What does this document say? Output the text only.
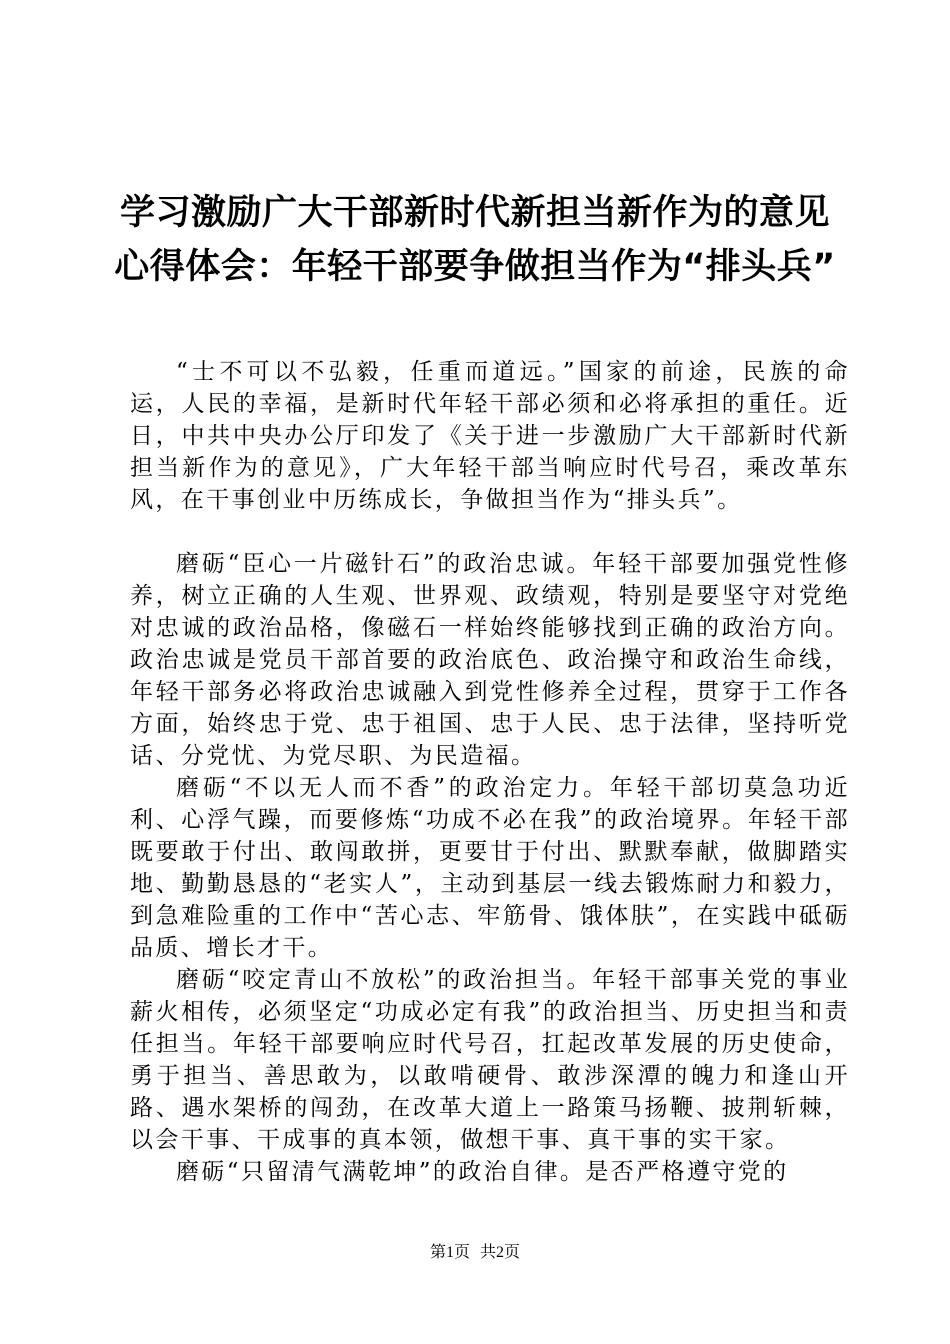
学习激励广大干部新时代新担当新作为的意见心得体会：年轻干部要争做担当作为“排头兵”

“士不可以不弘毅，任重而道远。”国家的前途，民族的命运，人民的幸福，是新时代年轻干部必须和必将承担的重任。近日，中共中央办公厅印发了《关于进一步激励广大干部新时代新担当新作为的意见》，广大年轻干部当响应时代号召，乘改革东风，在干事创业中历练成长，争做担当作为“排头兵”。

磨砺“臣心一片磁针石”的政治忠诚。年轻干部要加强党性修养，树立正确的人生观、世界观、政绩观，特别是要坚守对党绝对忠诚的政治品格，像磁石一样始终能够找到正确的政治方向。政治忠诚是党员干部首要的政治底色、政治操守和政治生命线，年轻干部务必将政治忠诚融入到党性修养全过程，贯穿于工作各方面，始终忠于党、忠于祖国、忠于人民、忠于法律，坚持听党话、分党忧、为党尽职、为民造福。

磨砺“不以无人而不香”的政治定力。年轻干部切莫急功近利、心浮气躁，而要修炼“功成不必在我”的政治境界。年轻干部既要敢于付出、敢闯敢拼，更要甘于付出、默默奉献，做脚踏实地、勤勤恳恳的“老实人”，主动到基层一线去锻炼耐力和毅力，到急难险重的工作中“苦心志、牢筋骨、饿体肤”，在实践中砥砺品质、增长才干。

磨砺“咬定青山不放松”的政治担当。年轻干部事关党的事业薪火相传，必须坚定“功成必定有我”的政治担当、历史担当和责任担当。年轻干部要响应时代号召，扛起改革发展的历史使命，勇于担当、善思敢为，以敢啃硬骨、敢涉深潭的魄力和逢山开路、遇水架桥的闯劲，在改革大道上一路策马扬鞭、披荆斩棘，以会干事、干成事的真本领，做想干事、真干事的实干家。

磨砺“只留清气满乾坤”的政治自律。是否严格遵守党的

第1页 共2页
